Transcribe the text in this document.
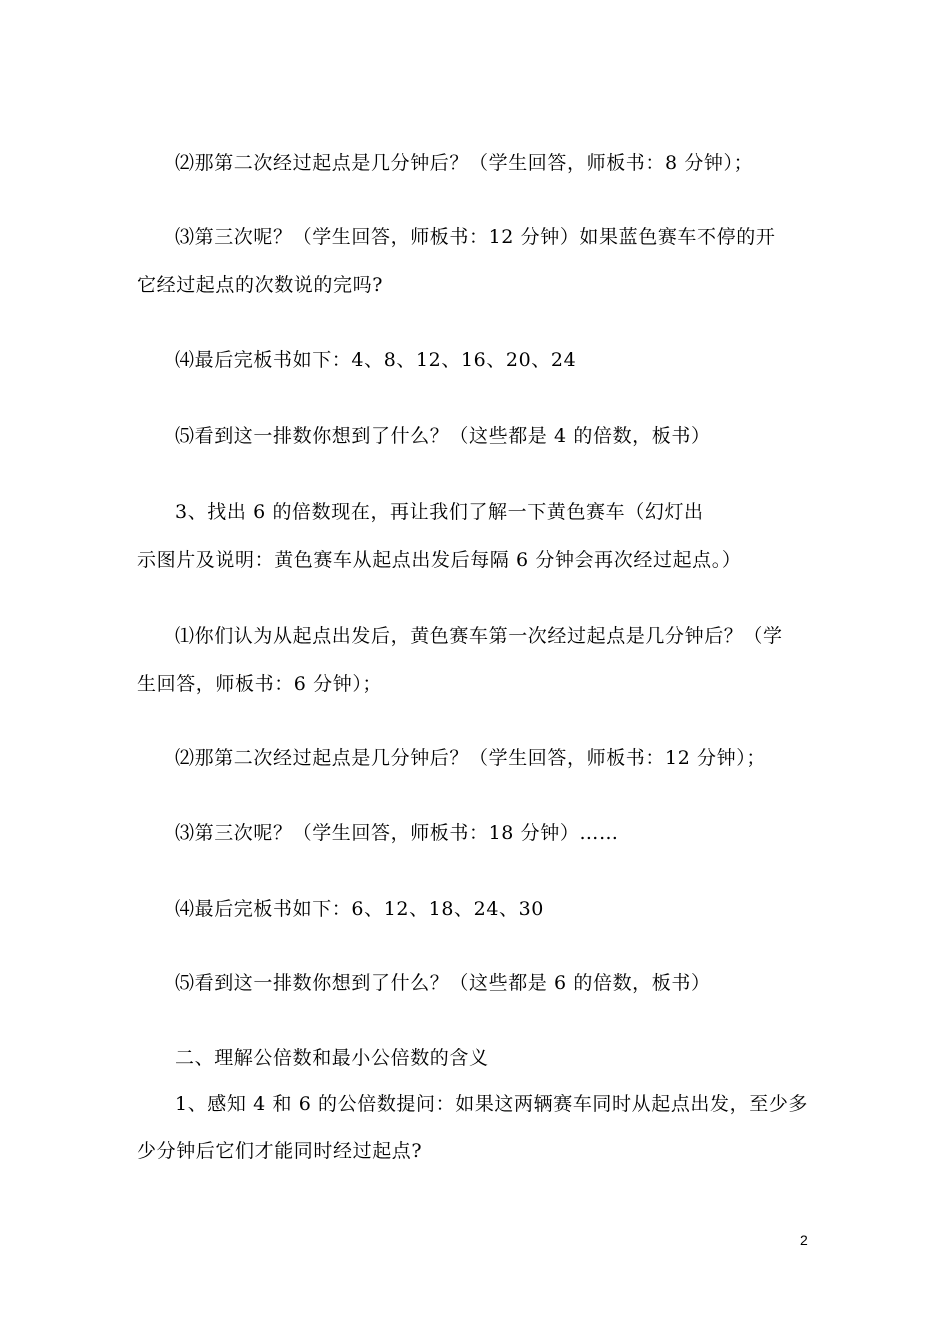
⑵那第二次经过起点是几分钟后？（学生回答，师板书：8 分钟）；
⑶第三次呢？（学生回答，师板书：12 分钟）如果蓝色赛车不停的开
它经过起点的次数说的完吗?
⑷最后完板书如下：4、8、12、16、20、24
⑸看到这一排数你想到了什么？（这些都是 4 的倍数，板书）
3、找出 6 的倍数现在，再让我们了解一下黄色赛车（幻灯出
示图片及说明：黄色赛车从起点出发后每隔 6 分钟会再次经过起点。）
⑴你们认为从起点出发后，黄色赛车第一次经过起点是几分钟后？（学
生回答，师板书：6 分钟）；
⑵那第二次经过起点是几分钟后？（学生回答，师板书：12 分钟）；
⑶第三次呢？（学生回答，师板书：18 分钟）……
⑷最后完板书如下：6、12、18、24、30
⑸看到这一排数你想到了什么？（这些都是 6 的倍数，板书）
二、理解公倍数和最小公倍数的含义
1、感知 4 和 6 的公倍数提问：如果这两辆赛车同时从起点出发，至少多
少分钟后它们才能同时经过起点?
2
